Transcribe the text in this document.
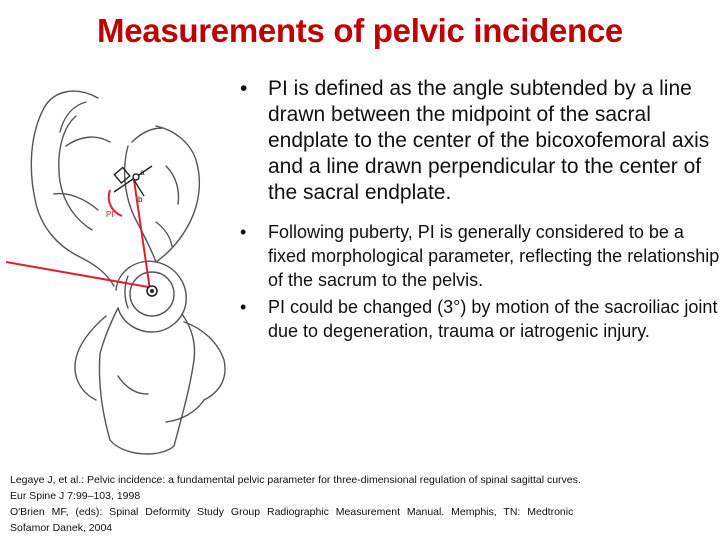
Measurements of pelvic incidence
a
b
PI
• PI is defined as the angle subtended by a line drawn between the midpoint of the sacral endplate to the center of the bicoxofemoral axis and a line drawn perpendicular to the center of the sacral endplate.
• Following puberty, PI is generally considered to be a fixed morphological parameter, reflecting the relationship of the sacrum to the pelvis.
• PI could be changed (3°) by motion of the sacroiliac joint due to degeneration, trauma or iatrogenic injury.
Legaye J, et al.: Pelvic incidence: a fundamental pelvic parameter for three-dimensional regulation of spinal sagittal curves.
Eur Spine J 7:99–103, 1998
O'Brien MF, (eds): Spinal Deformity Study Group Radiographic Measurement Manual. Memphis, TN: Medtronic
Sofamor Danek, 2004
